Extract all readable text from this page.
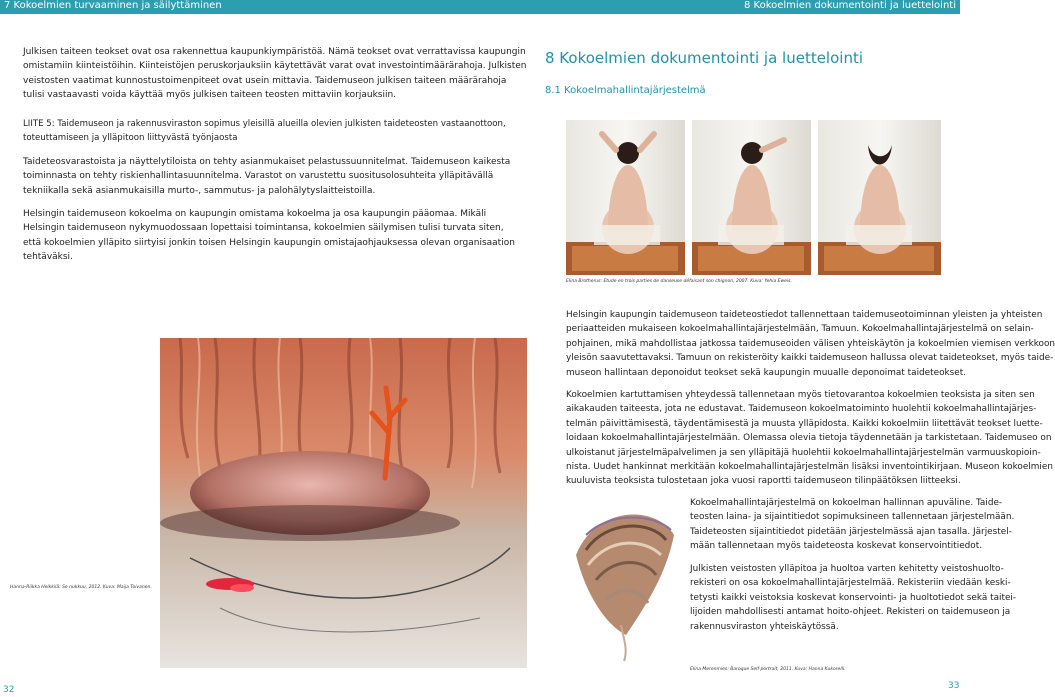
7 Kokoelmien turvaaminen ja säilyttäminen	8 Kokoelmien dokumentointi ja luettelointi
Julkisen taiteen teokset ovat osa rakennettua kaupunkiympäristöä. Nämä teokset ovat verrattavissa kaupungin
omistamiin kiinteistöihin. Kiinteistöjen peruskorjauksiin käytettävät varat ovat investointimäärärahoja. Julkisten
veistosten vaatimat kunnostustoimenpiteet ovat usein mittavia. Taidemuseon julkisen taiteen määrärahoja
tulisi vastaavasti voida käyttää myös julkisen taiteen teosten mittaviin korjauksiin.
LIITE 5: Taidemuseon ja rakennusviraston sopimus yleisillä alueilla olevien julkisten taideteosten vastaanottoon,
toteuttamiseen ja ylläpitoon liittyvästä työnjaosta
Taideteosvarastoista ja näyttelytiloista on tehty asianmukaiset pelastussuunnitelmat. Taidemuseon kaikesta
toiminnasta on tehty riskienhallintasuunnitelma. Varastot on varustettu suositusolosuhteita ylläpitävällä
tekniikalla sekä asianmukaisilla murto-, sammutus- ja palohälytyslaitteistoilla.
Helsingin taidemuseon kokoelma on kaupungin omistama kokoelma ja osa kaupungin pääomaa. Mikäli
Helsingin taidemuseon nykymuodossaan lopettaisi toimintansa, kokoelmien säilymisen tulisi turvata siten,
että kokoelmien ylläpito siirtyisi jonkin toisen Helsingin kaupungin omistajaohjauksessa olevan organisaation
tehtäväksi.
Hanna-Riikka Heikkilä: Se nukkuu, 2012. Kuva: Maija Toivanen.
32
8 Kokoelmien dokumentointi ja luettelointi
8.1 Kokoelmahallintajärjestelmä
Elina Brotherus: Etude en trois parties de danseuse défaisant son chignon, 2007. Kuva: Yehia Eweis.
Helsingin kaupungin taidemuseon taideteostiedot tallennettaan taidemuseotoiminnan yleisten ja yhteisten
periaatteiden mukaiseen kokoelmahallintajärjestelmään, Tamuun. Kokoelmahallintajärjestelmä on selain-
pohjainen, mikä mahdollistaa jatkossa taidemuseoiden välisen yhteiskäytön ja kokoelmien viemisen verkkoon
yleisön saavutettavaksi. Tamuun on rekisteröity kaikki taidemuseon hallussa olevat taideteokset, myös taide-
museon hallintaan deponoidut teokset sekä kaupungin muualle deponoimat taideteokset.
Kokoelmien kartuttamisen yhteydessä tallennetaan myös tietovarantoa kokoelmien teoksista ja siten sen
aikakauden taiteesta, jota ne edustavat. Taidemuseon kokoelmatoiminto huolehtii kokoelmahallintajärjes-
telmän päivittämisestä, täydentämisestä ja muusta ylläpidosta. Kaikki kokoelmiin liitettävät teokset luette-
loidaan kokoelmahallintajärjestelmään. Olemassa olevia tietoja täydennetään ja tarkistetaan. Taidemuseo on
ulkoistanut järjestelmäpalvelimen ja sen ylläpitäjä huolehtii kokoelmahallintajärjestelmän varmuuskopioin-
nista. Uudet hankinnat merkitään kokoelmahallintajärjestelmän lisäksi inventointikirjaan. Museon kokoelmien
kuuluvista teoksista tulostetaan joka vuosi raportti taidemuseon tilinpäätöksen liitteeksi.
Kokoelmahallintajärjestelmä on kokoelman hallinnan apuväline. Taide-
teosten laina- ja sijaintitiedot sopimuksineen tallennetaan järjestelmään.
Taideteosten sijaintitiedot pidetään järjestelmässä ajan tasalla. Järjestel-
mään tallennetaan myös taideteosta koskevat konservointitiedot.
Julkisten veistosten ylläpitoa ja huoltoa varten kehitetty veistoshuolto-
rekisteri on osa kokoelmahallintajärjestelmää. Rekisteriin viedään keski-
tetysti kaikki veistoksia koskevat konservointi- ja huoltotiedot sekä taitei-
lijoiden mahdollisesti antamat hoito-ohjeet. Rekisteri on taidemuseon ja
rakennusviraston yhteiskäytössä.
Elina Merenmies: Baroque Self-portrait, 2011. Kuva: Hanna Kukorelli.
33
